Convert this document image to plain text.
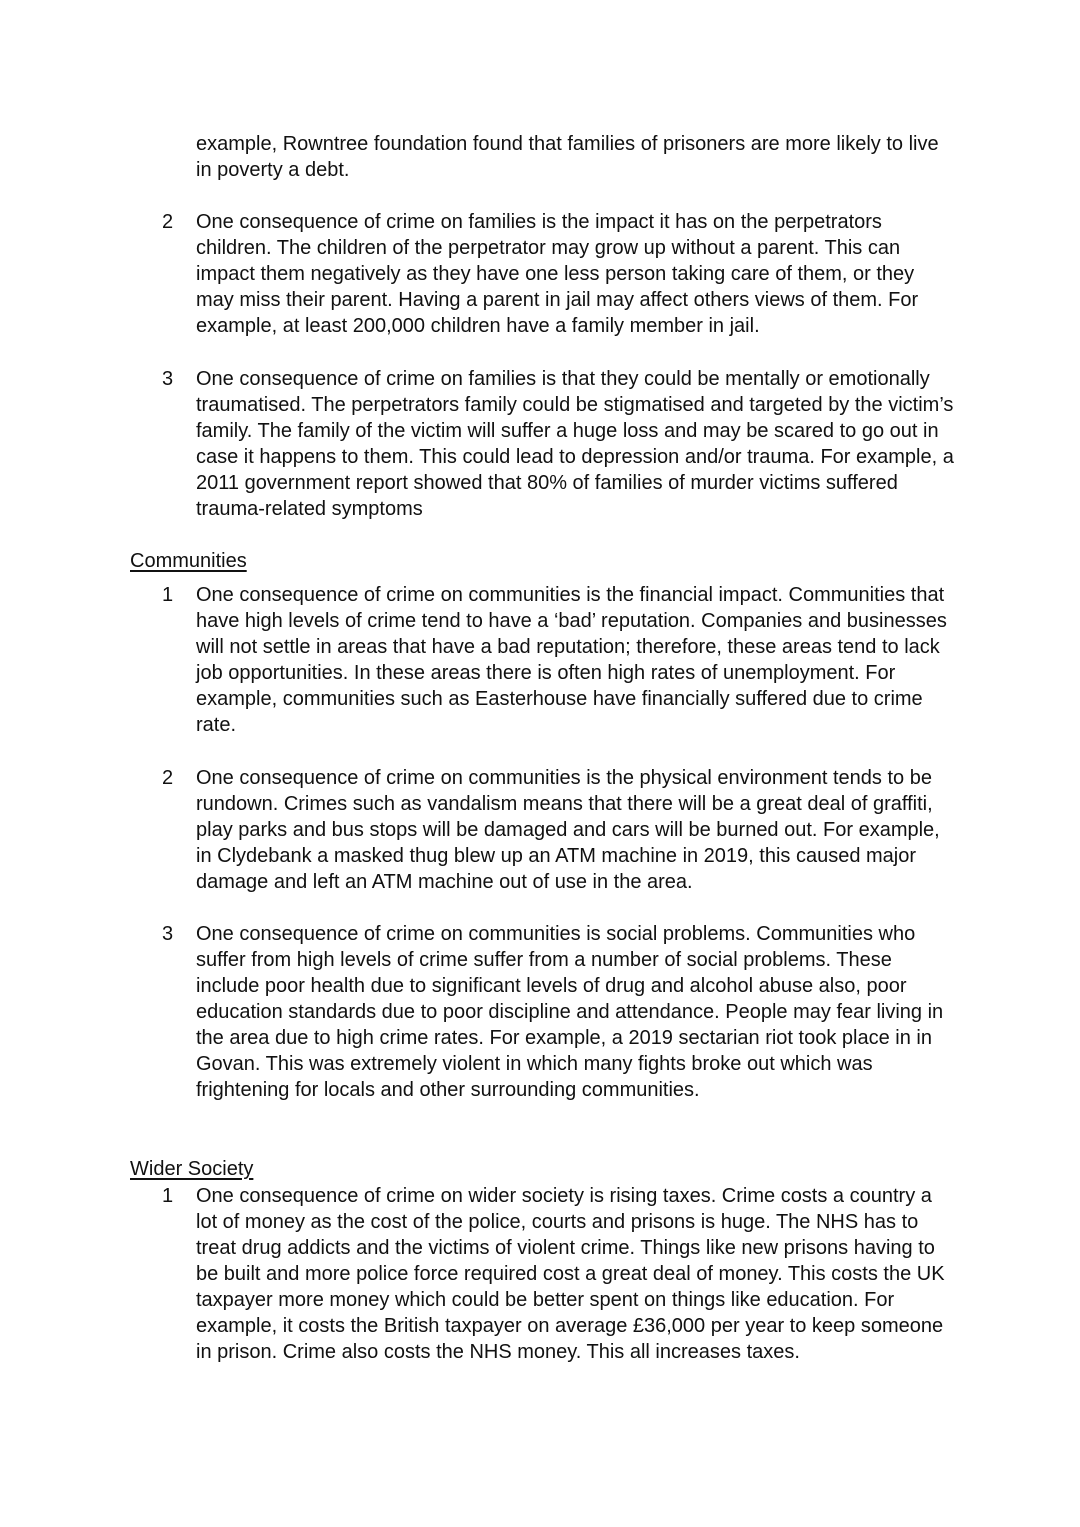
example, Rowntree foundation found that families of prisoners are more likely to live in poverty a debt.

2	One consequence of crime on families is the impact it has on the perpetrators children. The children of the perpetrator may grow up without a parent. This can impact them negatively as they have one less person taking care of them, or they may miss their parent. Having a parent in jail may affect others views of them. For example, at least 200,000 children have a family member in jail.

3	One consequence of crime on families is that they could be mentally or emotionally traumatised. The perpetrators family could be stigmatised and targeted by the victim’s family. The family of the victim will suffer a huge loss and may be scared to go out in case it happens to them. This could lead to depression and/or trauma. For example, a 2011 government report showed that 80% of families of murder victims suffered trauma-related symptoms

Communities
1	One consequence of crime on communities is the financial impact. Communities that have high levels of crime tend to have a ‘bad’ reputation. Companies and businesses will not settle in areas that have a bad reputation; therefore, these areas tend to lack job opportunities. In these areas there is often high rates of unemployment. For example, communities such as Easterhouse have financially suffered due to crime rate.

2	One consequence of crime on communities is the physical environment tends to be rundown. Crimes such as vandalism means that there will be a great deal of graffiti, play parks and bus stops will be damaged and cars will be burned out. For example, in Clydebank a masked thug blew up an ATM machine in 2019, this caused major damage and left an ATM machine out of use in the area.

3	One consequence of crime on communities is social problems. Communities who suffer from high levels of crime suffer from a number of social problems. These include poor health due to significant levels of drug and alcohol abuse also, poor education standards due to poor discipline and attendance. People may fear living in the area due to high crime rates. For example, a 2019 sectarian riot took place in in Govan. This was extremely violent in which many fights broke out which was frightening for locals and other surrounding communities.

Wider Society
1	One consequence of crime on wider society is rising taxes. Crime costs a country a lot of money as the cost of the police, courts and prisons is huge. The NHS has to treat drug addicts and the victims of violent crime. Things like new prisons having to be built and more police force required cost a great deal of money. This costs the UK taxpayer more money which could be better spent on things like education. For example, it costs the British taxpayer on average £36,000 per year to keep someone in prison. Crime also costs the NHS money. This all increases taxes.
